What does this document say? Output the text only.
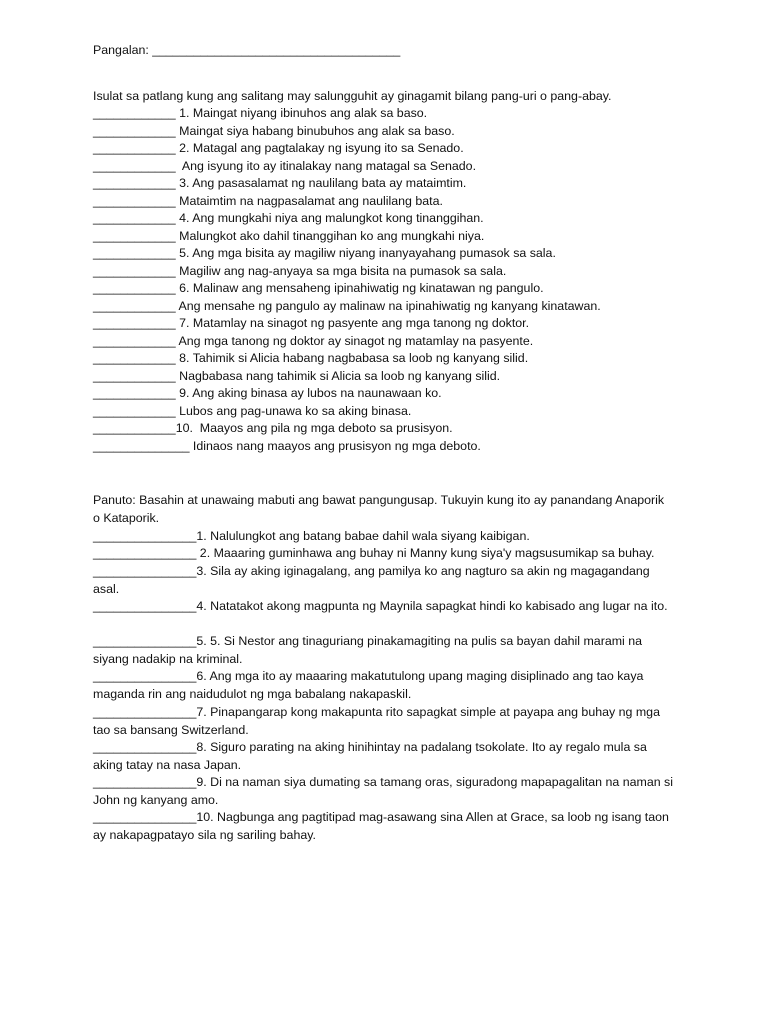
Pangalan: ____________________________________
Isulat sa patlang kung ang salitang may salungguhit ay ginagamit bilang pang-uri o pang-abay.
____________ 1. Maingat niyang ibinuhos ang alak sa baso.
____________ Maingat siya habang binubuhos ang alak sa baso.
____________ 2. Matagal ang pagtalakay ng isyung ito sa Senado.
____________  Ang isyung ito ay itinalakay nang matagal sa Senado.
____________ 3. Ang pasasalamat ng naulilang bata ay mataimtim.
____________ Mataimtim na nagpasalamat ang naulilang bata.
____________ 4. Ang mungkahi niya ang malungkot kong tinanggihan.
____________ Malungkot ako dahil tinanggihan ko ang mungkahi niya.
____________ 5. Ang mga bisita ay magiliw niyang inanyayahang pumasok sa sala.
____________ Magiliw ang nag-anyaya sa mga bisita na pumasok sa sala.
____________ 6. Malinaw ang mensaheng ipinahiwatig ng kinatawan ng pangulo.
____________ Ang mensahe ng pangulo ay malinaw na ipinahiwatig ng kanyang kinatawan.
____________ 7. Matamlay na sinagot ng pasyente ang mga tanong ng doktor.
____________ Ang mga tanong ng doktor ay sinagot ng matamlay na pasyente.
____________ 8. Tahimik si Alicia habang nagbabasa sa loob ng kanyang silid.
____________ Nagbabasa nang tahimik si Alicia sa loob ng kanyang silid.
____________ 9. Ang aking binasa ay lubos na naunawaan ko.
____________ Lubos ang pag-unawa ko sa aking binasa.
____________10.  Maayos ang pila ng mga deboto sa prusisyon.
______________ Idinaos nang maayos ang prusisyon ng mga deboto.
Panuto: Basahin at unawaing mabuti ang bawat pangungusap. Tukuyin kung ito ay panandang Anaporik o Kataporik.
_______________1. Nalulungkot ang batang babae dahil wala siyang kaibigan.
_______________ 2. Maaaring guminhawa ang buhay ni Manny kung siya'y magsusumikap sa buhay.
_______________3. Sila ay aking iginagalang, ang pamilya ko ang nagturo sa akin ng magagandang asal.
_______________4. Natatakot akong magpunta ng Maynila sapagkat hindi ko kabisado ang lugar na ito.
_______________5. 5. Si Nestor ang tinaguriang pinakamagiting na pulis sa bayan dahil marami na siyang nadakip na kriminal.
_______________6. Ang mga ito ay maaaring makatutulong upang maging disiplinado ang tao kaya maganda rin ang naidudulot ng mga babalang nakapaskil.
_______________7. Pinapangarap kong makapunta rito sapagkat simple at payapa ang buhay ng mga tao sa bansang Switzerland.
_______________8. Siguro parating na aking hinihintay na padalang tsokolate. Ito ay regalo mula sa aking tatay na nasa Japan.
_______________9. Di na naman siya dumating sa tamang oras, siguradong mapapagalitan na naman si John ng kanyang amo.
_______________10. Nagbunga ang pagtitipad mag-asawang sina Allen at Grace, sa loob ng isang taon ay nakapagpatayo sila ng sariling bahay.
